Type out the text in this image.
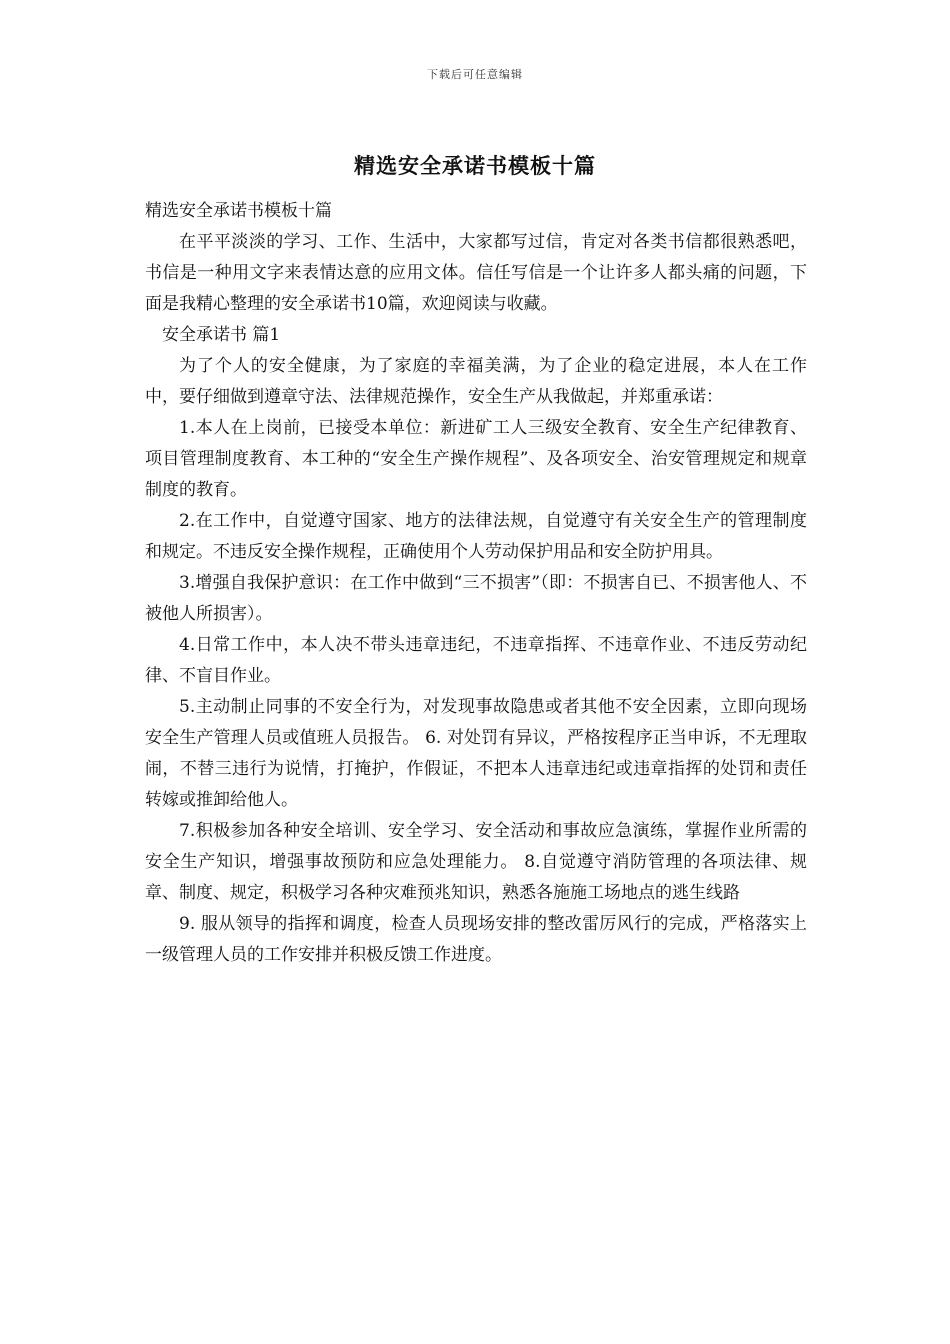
下载后可任意编辑
精选安全承诺书模板十篇

精选安全承诺书模板十篇

在平平淡淡的学习、工作、生活中，大家都写过信，肯定对各类书信都很熟悉吧，书信是一种用文字来表情达意的应用文体。信任写信是一个让许多人都头痛的问题，下面是我精心整理的安全承诺书10篇，欢迎阅读与收藏。

安全承诺书 篇1

为了个人的安全健康，为了家庭的幸福美满，为了企业的稳定进展，本人在工作中，要仔细做到遵章守法、法律规范操作，安全生产从我做起，并郑重承诺：

1.本人在上岗前，已接受本单位：新进矿工人三级安全教育、安全生产纪律教育、项目管理制度教育、本工种的“安全生产操作规程”、及各项安全、治安管理规定和规章制度的教育。

2.在工作中，自觉遵守国家、地方的法律法规，自觉遵守有关安全生产的管理制度和规定。不违反安全操作规程，正确使用个人劳动保护用品和安全防护用具。

3.增强自我保护意识：在工作中做到“三不损害”（即：不损害自已、不损害他人、不被他人所损害）。

4.日常工作中，本人决不带头违章违纪，不违章指挥、不违章作业、不违反劳动纪律、不盲目作业。

5.主动制止同事的不安全行为，对发现事故隐患或者其他不安全因素，立即向现场安全生产管理人员或值班人员报告。 6. 对处罚有异议，严格按程序正当申诉，不无理取闹，不替三违行为说情，打掩护，作假证，不把本人违章违纪或违章指挥的处罚和责任转嫁或推卸给他人。

7.积极参加各种安全培训、安全学习、安全活动和事故应急演练，掌握作业所需的安全生产知识，增强事故预防和应急处理能力。 8.自觉遵守消防管理的各项法律、规章、制度、规定，积极学习各种灾难预兆知识，熟悉各施施工场地点的逃生线路

9. 服从领导的指挥和调度，检查人员现场安排的整改雷厉风行的完成，严格落实上一级管理人员的工作安排并积极反馈工作进度。
